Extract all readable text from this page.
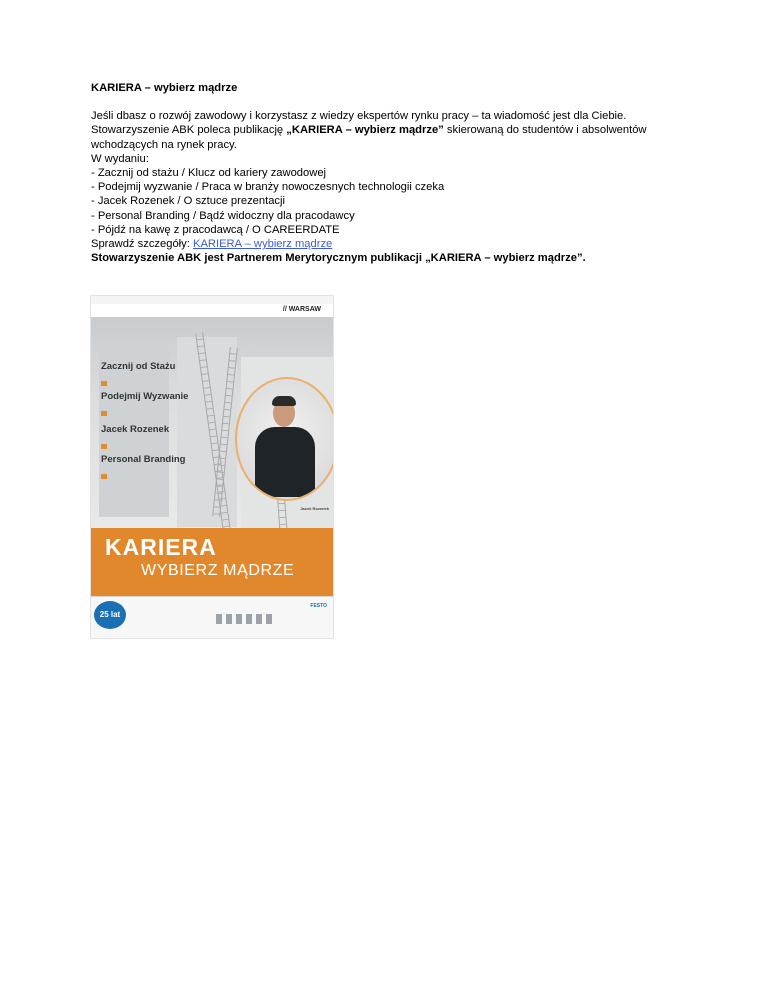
KARIERA – wybierz mądrze

Jeśli dbasz o rozwój zawodowy i korzystasz z wiedzy ekspertów rynku pracy – ta wiadomość jest dla Ciebie.

Stowarzyszenie ABK poleca publikację „KARIERA – wybierz mądrze” skierowaną do studentów i absolwentów wchodzących na rynek pracy.

W wydaniu:

- Zacznij od stażu / Klucz od kariery zawodowej

- Podejmij wyzwanie / Praca w branży nowoczesnych technologii czeka

- Jacek Rozenek / O sztuce prezentacji

- Personal Branding / Bądź widoczny dla pracodawcy

- Pójdź na kawę z pracodawcą / O CAREERDATE

Sprawdź szczegóły: KARIERA – wybierz mądrze

Stowarzyszenie ABK jest Partnerem Merytorycznym publikacji „KARIERA – wybierz mądrze”.

// WARSAW
Zacznij od Stażu
Podejmij Wyzwanie
Jacek Rozenek
Personal Branding
Jacek Rozenek
KARIERA
WYBIERZ MĄDRZE
25 lat
FESTO
